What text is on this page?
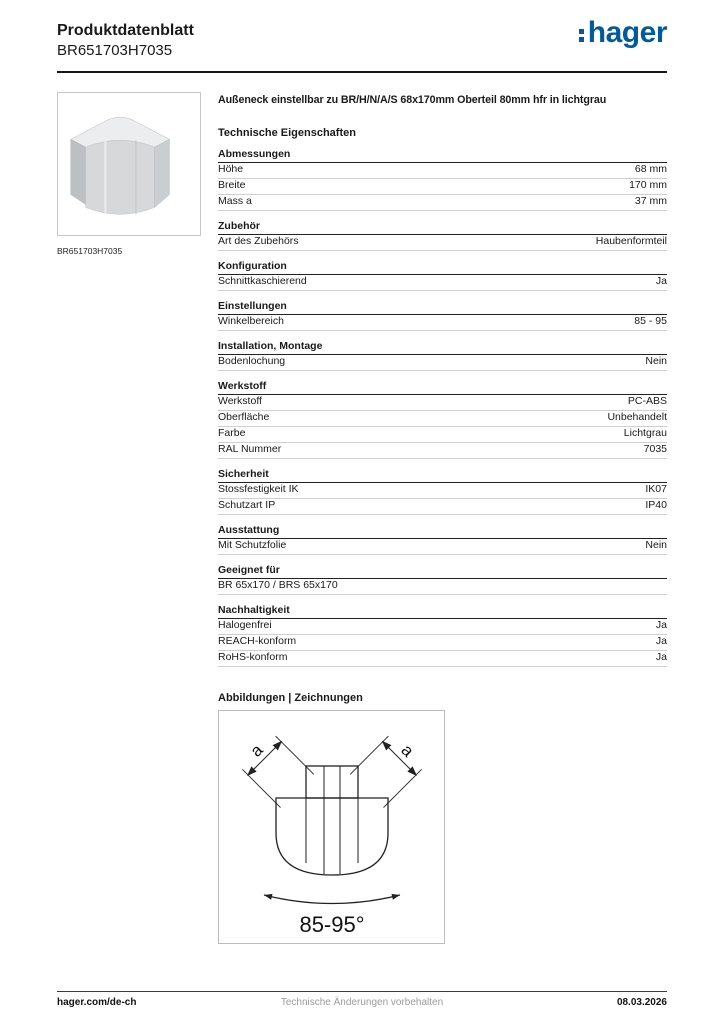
Produktdatenblatt
BR651703H7035
hager
BR651703H7035
Außeneck einstellbar zu BR/H/N/A/S 68x170mm Oberteil 80mm hfr in lichtgrau
Technische Eigenschaften
Abmessungen
Höhe	68 mm
Breite	170 mm
Mass a	37 mm
Zubehör
Art des Zubehörs	Haubenformteil
Konfiguration
Schnittkaschierend	Ja
Einstellungen
Winkelbereich	85 - 95
Installation, Montage
Bodenlochung	Nein
Werkstoff
Werkstoff	PC-ABS
Oberfläche	Unbehandelt
Farbe	Lichtgrau
RAL Nummer	7035
Sicherheit
Stossfestigkeit IK	IK07
Schutzart IP	IP40
Ausstattung
Mit Schutzfolie	Nein
Geeignet für
BR 65x170 / BRS 65x170
Nachhaltigkeit
Halogenfrei	Ja
REACH-konform	Ja
RoHS-konform	Ja
Abbildungen | Zeichnungen
a	a
85-95°
hager.com/de-ch	Technische Änderungen vorbehalten	08.03.2026
